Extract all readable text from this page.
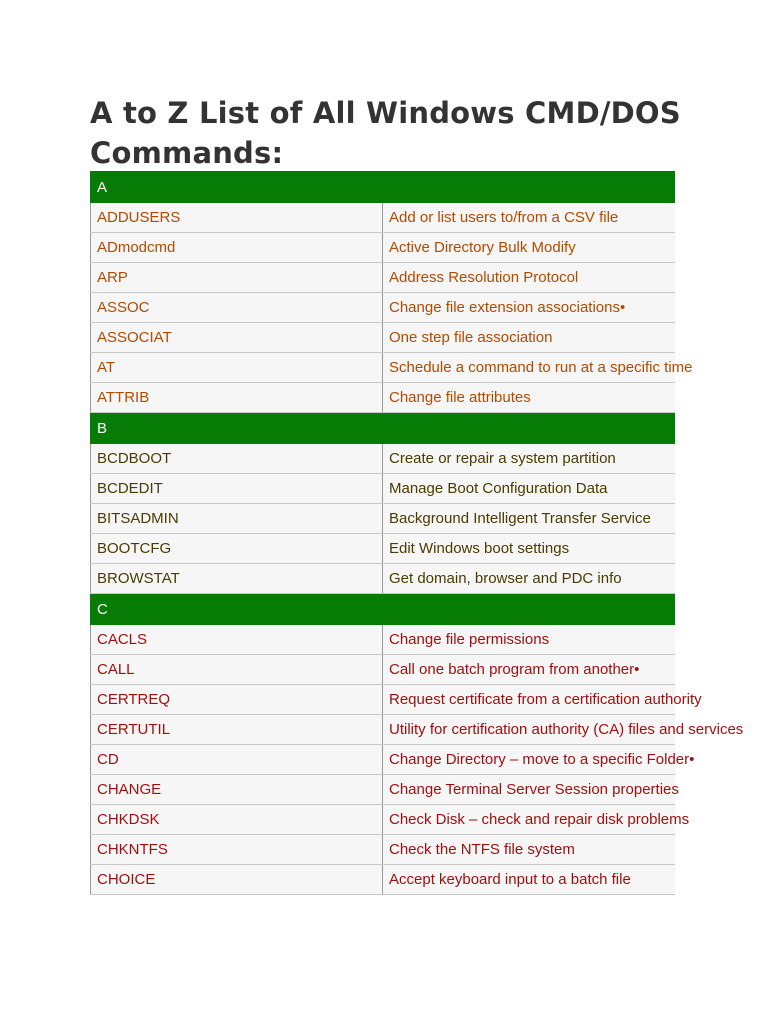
A to Z List of All Windows CMD/DOS Commands:
A	
ADDUSERS	Add or list users to/from a CSV file
ADmodcmd	Active Directory Bulk Modify
ARP	Address Resolution Protocol
ASSOC	Change file extension associations•
ASSOCIAT	One step file association
AT	Schedule a command to run at a specific time
ATTRIB	Change file attributes
B	
BCDBOOT	Create or repair a system partition
BCDEDIT	Manage Boot Configuration Data
BITSADMIN	Background Intelligent Transfer Service
BOOTCFG	Edit Windows boot settings
BROWSTAT	Get domain, browser and PDC info
C	
CACLS	Change file permissions
CALL	Call one batch program from another•
CERTREQ	Request certificate from a certification authority
CERTUTIL	Utility for certification authority (CA) files and services
CD	Change Directory – move to a specific Folder•
CHANGE	Change Terminal Server Session properties
CHKDSK	Check Disk – check and repair disk problems
CHKNTFS	Check the NTFS file system
CHOICE	Accept keyboard input to a batch file
